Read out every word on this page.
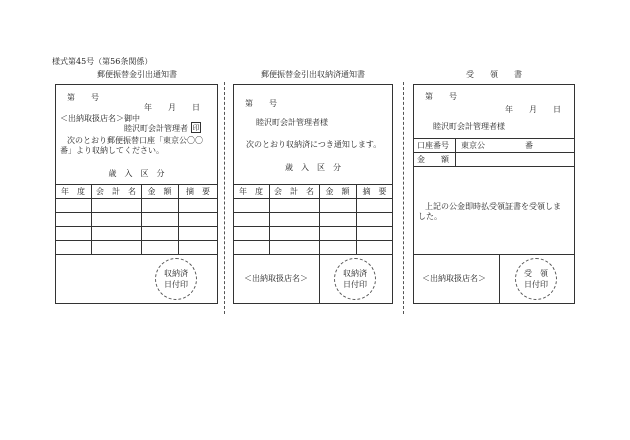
様式第45号（第56条関係）
郵便振替金引出通知書	郵便振替金引出収納済通知書	受　　領　　書
第　　号
年　　月　　日
＜出納取扱店名＞御中
睦沢町会計管理者 印
次のとおり郵便振替口座「東京公〇〇
番」より収納してください。
歳　入　区　分
年　度	会　計　名	金　額	摘　要
収納済
日付印
第　　号
睦沢町会計管理者様
次のとおり収納済につき通知します。
歳　入　区　分
年　度	会　計　名	金　額	摘　要
＜出納取扱店名＞
収納済
日付印
第　　号
年　　月　　日
睦沢町会計管理者様
口座番号 東京公　　　　　番
金　　額
上記の公金即時払受領証書を受領しま
した。
＜出納取扱店名＞
受　領
日付印
